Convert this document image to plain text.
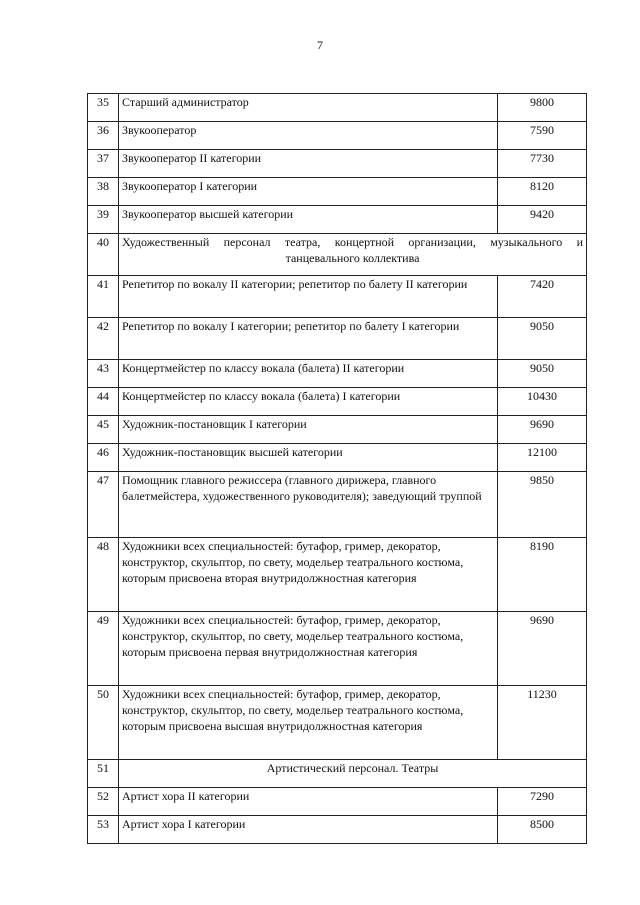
7
35	Старший администратор	9800
36	Звукооператор	7590
37	Звукооператор II категории	7730
38	Звукооператор I категории	8120
39	Звукооператор высшей категории	9420
40	Художественный персонал театра, концертной организации, музыкального и танцевального коллектива	

41	Репетитор по вокалу II категории; репетитор по балету II категории	7420
42	Репетитор по вокалу I категории; репетитор по балету I категории	9050
43	Концертмейстер по классу вокала (балета) II категории	9050
44	Концертмейстер по классу вокала (балета) I категории	10430
45	Художник-постановщик I категории	9690
46	Художник-постановщик высшей категории	12100
47	Помощник главного режиссера (главного дирижера, главного балетмейстера, художественного руководителя); заведующий труппой	9850
48	Художники всех специальностей: бутафор, гример, декоратор, конструктор, скульптор, по свету, модельер театрального костюма, которым присвоена вторая внутридолжностная категория	8190
49	Художники всех специальностей: бутафор, гример, декоратор, конструктор, скульптор, по свету, модельер театрального костюма, которым присвоена первая внутридолжностная категория	9690
50	Художники всех специальностей: бутафор, гример, декоратор, конструктор, скульптор, по свету, модельер театрального костюма, которым присвоена высшая внутридолжностная категория	11230
51	Артистический персонал. Театры	
52	Артист хора II категории	7290
53	Артист хора I категории	8500
